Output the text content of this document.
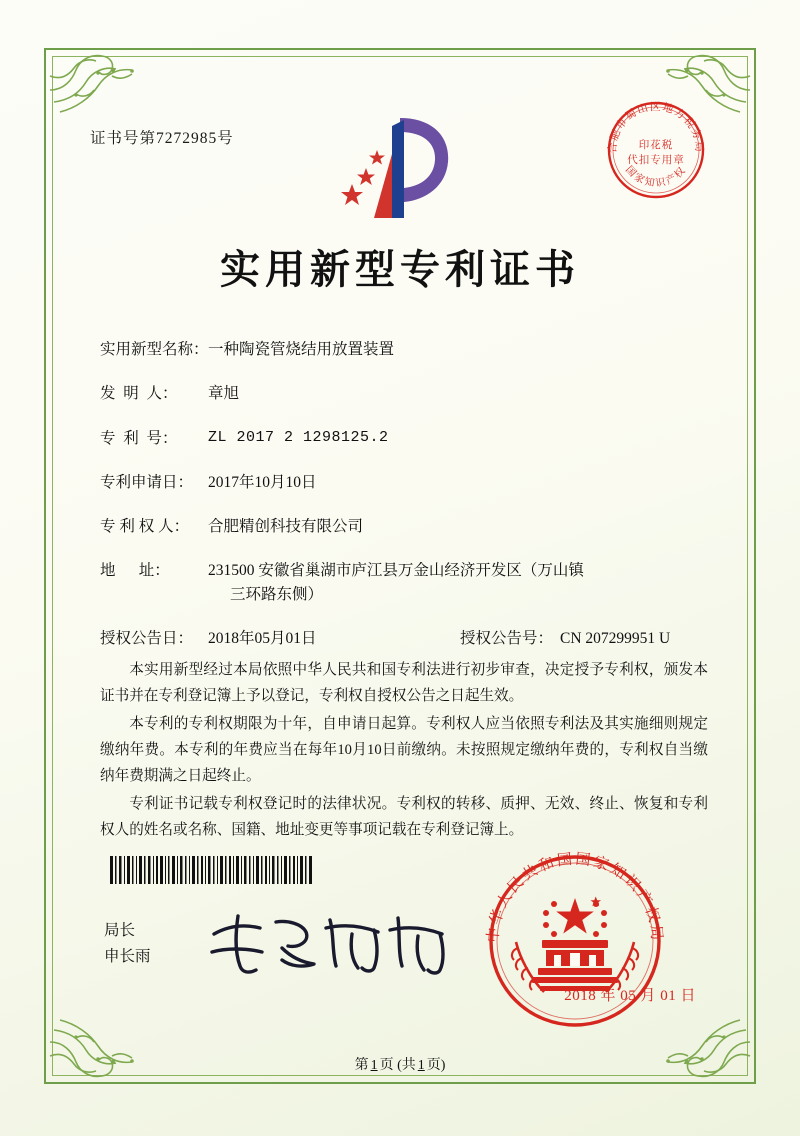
证书号第7272985号
合肥市蜀山区地方税务局
国家知识产权
印花税
代扣专用章
实用新型专利证书
实用新型名称： 一种陶瓷管烧结用放置装置
发  明  人：	章旭
专  利  号：	ZL 2017 2 1298125.2
专利申请日： 2017年10月10日
专 利 权 人：	合肥精创科技有限公司
地      址：	231500 安徽省巢湖市庐江县万金山经济开发区（万山镇
三环路东侧）
授权公告日： 2018年05月01日	授权公告号： CN 207299951 U

本实用新型经过本局依照中华人民共和国专利法进行初步审查，决定授予专利权，颁发本证书并在专利登记簿上予以登记，专利权自授权公告之日起生效。

本专利的专利权期限为十年，自申请日起算。专利权人应当依照专利法及其实施细则规定缴纳年费。本专利的年费应当在每年10月10日前缴纳。未按照规定缴纳年费的，专利权自当缴纳年费期满之日起终止。

专利证书记载专利权登记时的法律状况。专利权的转移、质押、无效、终止、恢复和专利权人的姓名或名称、国籍、地址变更等事项记载在专利登记簿上。

局长
申长雨
中华人民共和国国家知识产权局
2018 年 05 月 01 日
第 1 页 (共 1 页)
